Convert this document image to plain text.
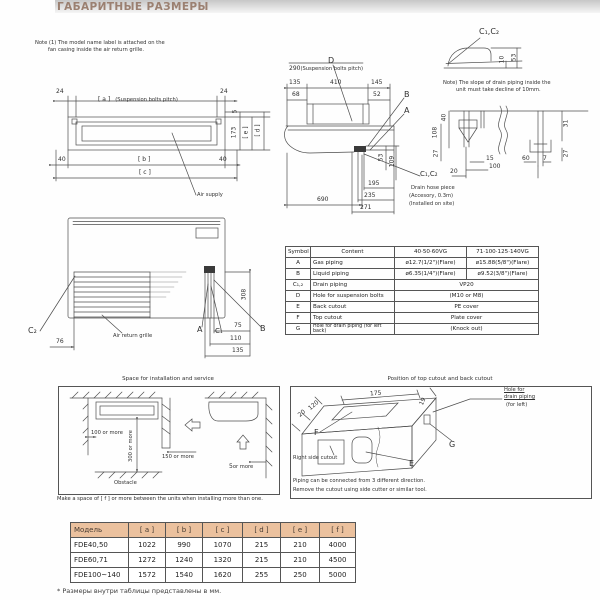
ГАБАРИТНЫЕ РАЗМЕРЫ
Note (1) The model name label is attached on the
fan casing inside the air return grille.
24
[ a ] (Suspension bolts pitch)
24
5
173 [ e ] [ d ]
40	[ b ]	40
[ c ]
Air supply
C₂
76
Air return grille
A C₁	B
308
75
110
135
290(Suspension bolts pitch)
D
135	410	145
68	52	B
A
53 109
690
195
235
271
C₁,C₂
Drain hose piece
(Accesory, 0.3m)
(Installed on site)
C₁,C₂
10 53
Note) The slope of drain piping inside the
unit must take decline of 10mm.
40
108
27
31
27
15
100
20
60 7
Symbol	Content	40·50·60VG	71·100·125·140VG
A	Gas piping	ø12.7(1/2")(Flare)	ø15.88(5/8")(Flare)
B	Liquid piping	ø6.35(1/4")(Flare)	ø9.52(3/8")(Flare)
C₁,₂	Drain piping	VP20	
D	Hole for suspension bolts	(M10 or M8)	
E	Back cutout	PE cover	
F	Top cutout	Plate cover	
G	Hole for drain piping (for left back)	(Knock out)	
Space for installation and service
100 or more 300 or more	150 or more
5or more
Obstacle
Make a space of [ f ] or more between the units when installing more than one.
Position of top cutout and back cutout
20
120
175
19
F
Right side cutout
E
G
Hole for
drain piping
(for left)
Piping can be connected from 3 different direction.
Remove the cutout using side cutter or similar tool.
Модель	[ a ]	[ b ]	[ c ]	[ d ]	[ e ]	[ f ]
FDE40,50	1022	990	1070	215	210	4000
FDE60,71	1272	1240	1320	215	210	4500
FDE100~140	1572	1540	1620	255	250	5000
* Размеры внутри таблицы представлены в мм.
